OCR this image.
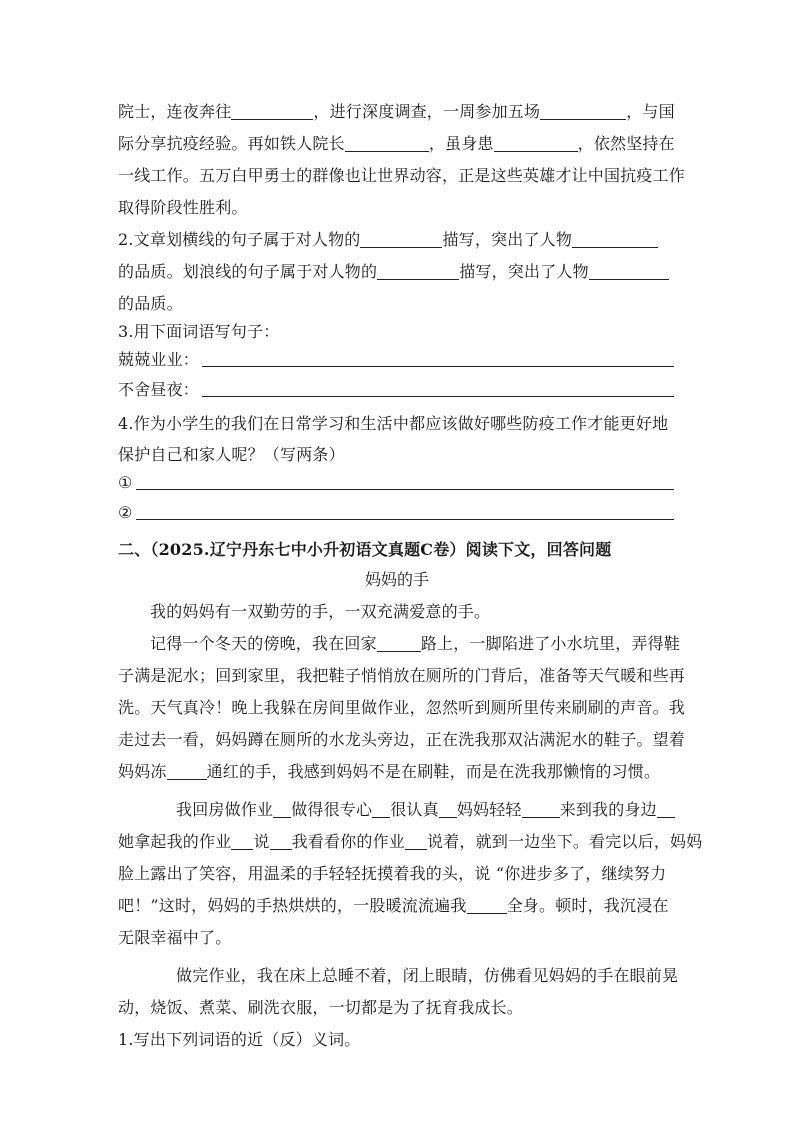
院士，连夜奔往	，进行深度调查，一周参加五场	，与国
际分享抗疫经验。再如铁人院长	，虽身患	，依然坚持在
一线工作。五万白甲勇士的群像也让世界动容，正是这些英雄才让中国抗疫工作
取得阶段性胜利。
2.文章划横线的句子属于对人物的	描写，突出了人物
的品质。划浪线的句子属于对人物的	描写，突出了人物
的品质。
3.用下面词语写句子：
兢兢业业：
不舍昼夜：
4.作为小学生的我们在日常学习和生活中都应该做好哪些防疫工作才能更好地
保护自己和家人呢？（写两条）
①
②
二、（2025.辽宁丹东七中小升初语文真题C卷）阅读下文，回答问题
妈妈的手
我的妈妈有一双勤劳的手，一双充满爱意的手。
记得一个冬天的傍晚，我在回家	路上，一脚陷进了小水坑里，弄得鞋
子满是泥水；回到家里，我把鞋子悄悄放在厕所的门背后，准备等天气暖和些再
洗。天气真冷！晚上我躲在房间里做作业，忽然听到厕所里传来刷刷的声音。我
走过去一看，妈妈蹲在厕所的水龙头旁边，正在洗我那双沾满泥水的鞋子。望着
妈妈冻	通红的手，我感到妈妈不是在刷鞋，而是在洗我那懒惰的习惯。
我回房做作业 做得很专心 很认真 妈妈轻轻 来到我的身边
她拿起我的作业 说 我看看你的作业 说着，就到一边坐下。看完以后，妈妈
脸上露出了笑容，用温柔的手轻轻抚摸着我的头，说 “你进步多了，继续努力
吧！”这时，妈妈的手热烘烘的，一股暖流流遍我	全身。顿时，我沉浸在
无限幸福中了。
做完作业，我在床上总睡不着，闭上眼睛，仿佛看见妈妈的手在眼前晃
动，烧饭、煮菜、刷洗衣服，一切都是为了抚育我成长。
1.写出下列词语的近（反）义词。
